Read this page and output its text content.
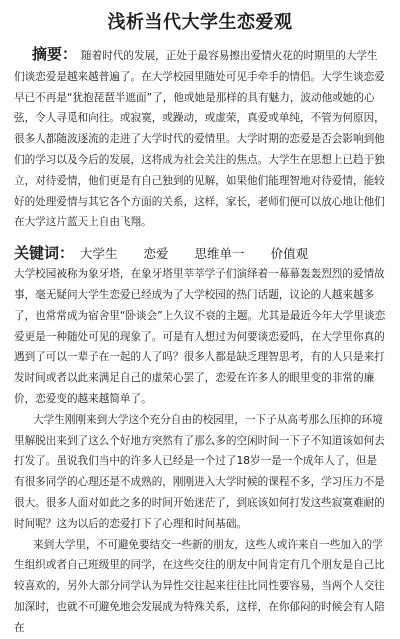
浅析当代大学生恋爱观

摘要： 随着时代的发展，正处于最容易擦出爱情火花的时期里的大学生们谈恋爱是越来越普遍了。在大学校园里随处可见手牵手的情侣。大学生谈恋爱早已不再是“犹抱琵琶半遮面”了，他或她是那样的具有魅力，波动他或她的心弦，令人寻觅和向往。或寂寞，或躁动，或虚荣，真爱或单纯，不管为何原因，很多人都随波逐流的走进了大学时代的爱情里。大学时期的恋爱是否会影响到他们的学习以及今后的发展，这将成为社会关注的焦点。大学生在思想上已趋于独立，对待爱情，他们更是有自己独到的见解，如果他们能理智地对待爱情，能较好的处理爱情与其它各个方面的关系，这样，家长，老师们便可以放心地让他们在大学这片蓝天上自由飞翔。

关键词： 大学生 恋爱 思维单一 价值观

大学校园被称为象牙塔，在象牙塔里莘莘学子们演绎着一幕幕轰轰烈烈的爱情故事，毫无疑问大学生恋爱已经成为了大学校园的热门话题，议论的人越来越多了，也常常成为宿舍里“卧谈会”上久议不衰的主题。尤其是最近今年大学里谈恋爱更是一种随处可见的现象了。可是有人想过为何要谈恋爱吗，在大学里你真的遇到了可以一辈子在一起的人了吗？很多人都是缺乏理智思考，有的人只是来打发时间或者以此来满足自己的虚荣心罢了，恋爱在许多人的眼里变的非常的廉价，恋爱变的越来越简单了。

大学生刚刚来到大学这个充分自由的校园里，一下子从高考那么压抑的环境里解脱出来到了这么个好地方突然有了那么多的空闲时间一下子不知道该如何去打发了。虽说我们当中的许多人已经是一个过了18岁一是一个成年人了，但是有很多同学的心理还是不成熟的，刚刚进入大学时候的课程不多，学习压力不是很大。很多人面对如此之多的时间开始迷茫了，到底该如何打发这些寂寞难耐的时间呢？这为以后的恋爱打下了心理和时间基础。

来到大学里，不可避免要结交一些新的朋友，这些人或许来自一些加入的学生组织或者自己班级里的同学，在这些交往的朋友中间肯定有几个朋友是自己比较喜欢的，另外大部分同学认为异性交往起来往往比同性要容易，当两个人交往加深时，也就不可避免地会发展成为特殊关系，这样，在你郁闷的时候会有人陪在
